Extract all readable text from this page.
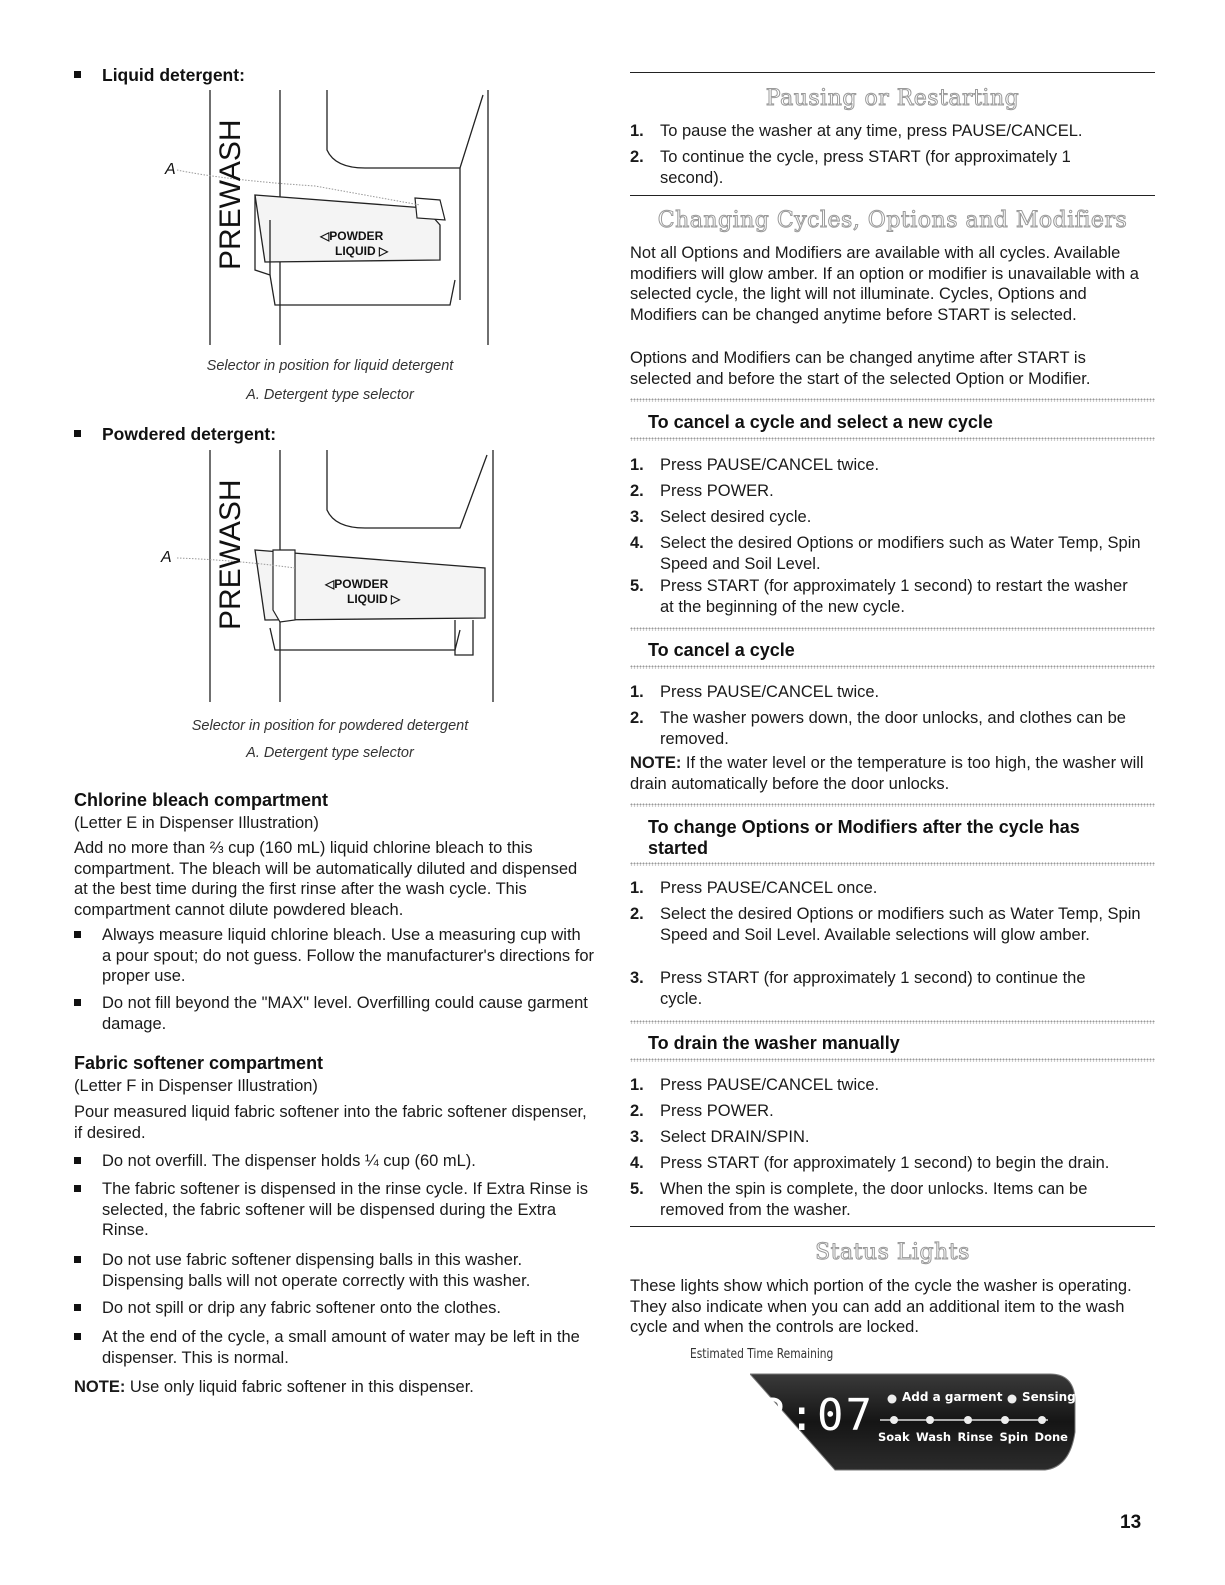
Liquid detergent:
◁POWDER
LIQUID ▷
PREWASH
A
Selector in position for liquid detergent
A. Detergent type selector
Powdered detergent:
◁POWDER
LIQUID ▷
PREWASH
A
Selector in position for powdered detergent
A. Detergent type selector
Chlorine bleach compartment
(Letter E in Dispenser Illustration)
Add no more than ⅔ cup (160 mL) liquid chlorine bleach to this compartment. The bleach will be automatically diluted and dispensed at the best time during the first rinse after the wash cycle. This compartment cannot dilute powdered bleach.
Always measure liquid chlorine bleach. Use a measuring cup with a pour spout; do not guess. Follow the manufacturer's directions for proper use.
Do not fill beyond the "MAX" level. Overfilling could cause garment damage.
Fabric softener compartment
(Letter F in Dispenser Illustration)
Pour measured liquid fabric softener into the fabric softener dispenser, if desired.
Do not overfill. The dispenser holds ¼ cup (60 mL).
The fabric softener is dispensed in the rinse cycle. If Extra Rinse is selected, the fabric softener will be dispensed during the Extra Rinse.
Do not use fabric softener dispensing balls in this washer. Dispensing balls will not operate correctly with this washer.
Do not spill or drip any fabric softener onto the clothes.
At the end of the cycle, a small amount of water may be left in the dispenser. This is normal.
NOTE: Use only liquid fabric softener in this dispenser.
Pausing or Restarting
1. To pause the washer at any time, press PAUSE/CANCEL.
2. To continue the cycle, press START (for approximately 1 second).
Changing Cycles, Options and Modifiers
Not all Options and Modifiers are available with all cycles. Available modifiers will glow amber. If an option or modifier is unavailable with a selected cycle, the light will not illuminate. Cycles, Options and Modifiers can be changed anytime before START is selected.
Options and Modifiers can be changed anytime after START is selected and before the start of the selected Option or Modifier.
To cancel a cycle and select a new cycle
1. Press PAUSE/CANCEL twice.
2. Press POWER.
3. Select desired cycle.
4. Select the desired Options or modifiers such as Water Temp, Spin Speed and Soil Level.
5. Press START (for approximately 1 second) to restart the washer at the beginning of the new cycle.
To cancel a cycle
1. Press PAUSE/CANCEL twice.
2. The washer powers down, the door unlocks, and clothes can be removed.
NOTE: If the water level or the temperature is too high, the washer will drain automatically before the door unlocks.
To change Options or Modifiers after the cycle has started
1. Press PAUSE/CANCEL once.
2. Select the desired Options or modifiers such as Water Temp, Spin Speed and Soil Level. Available selections will glow amber.
3. Press START (for approximately 1 second) to continue the cycle.
To drain the washer manually
1. Press PAUSE/CANCEL twice.
2. Press POWER.
3. Select DRAIN/SPIN.
4. Press START (for approximately 1 second) to begin the drain.
5. When the spin is complete, the door unlocks. Items can be removed from the washer.
Status Lights
These lights show which portion of the cycle the washer is operating. They also indicate when you can add an additional item to the wash cycle and when the controls are locked.
Estimated Time Remaining
2:07 Add a garment Sensing
Soak Wash Rinse Spin Done
13
